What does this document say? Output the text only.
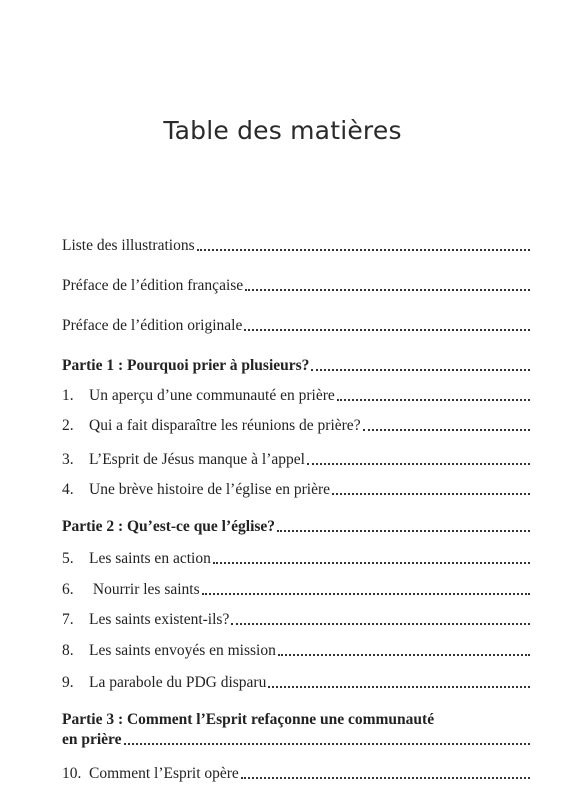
Table des matières
Liste des illustrations
Préface de l’édition française
Préface de l’édition originale
Partie 1 : Pourquoi prier à plusieurs?
1. Un aperçu d’une communauté en prière
2. Qui a fait disparaître les réunions de prière?
3. L’Esprit de Jésus manque à l’appel
4. Une brève histoire de l’église en prière
Partie 2 : Qu’est-ce que l’église?
5. Les saints en action
6. Nourrir les saints
7. Les saints existent-ils?
8. Les saints envoyés en mission
9. La parabole du PDG disparu
Partie 3 : Comment l’Esprit refaçonne une communauté
en prière
10. Comment l’Esprit opère
